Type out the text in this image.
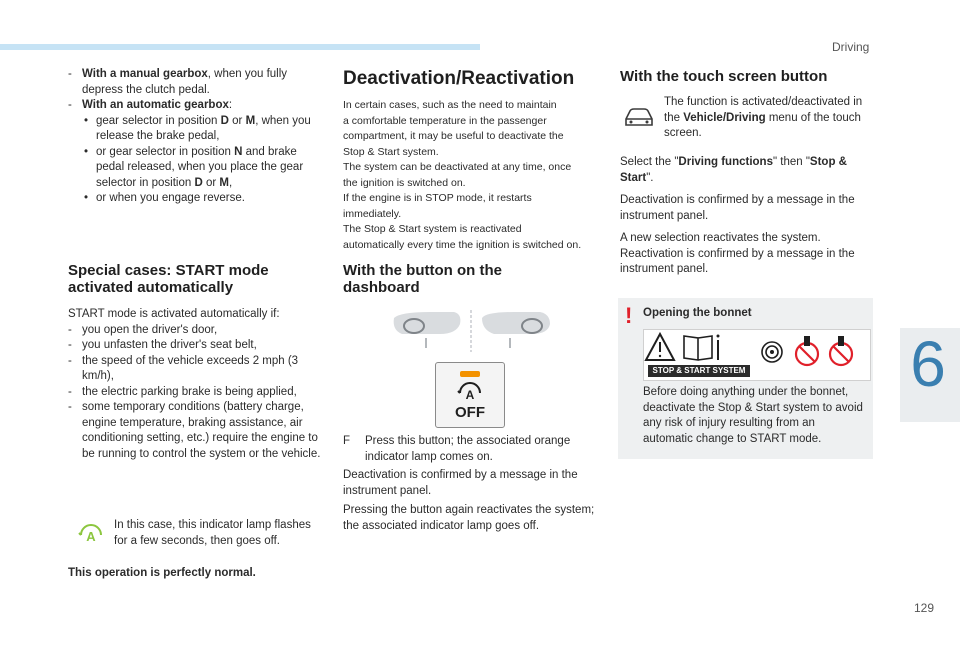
Driving
6
129
- With a manual gearbox, when you fully depress the clutch pedal.
- With an automatic gearbox:
• gear selector in position D or M, when you release the brake pedal,
• or gear selector in position N and brake pedal released, when you place the gear selector in position D or M,
• or when you engage reverse.
Special cases: START mode
activated automatically
START mode is activated automatically if:
- you open the driver's door,
- you unfasten the driver's seat belt,
- the speed of the vehicle exceeds 2 mph (3 km/h),
- the electric parking brake is being applied,
- some temporary conditions (battery charge, engine temperature, braking assistance, air conditioning setting, etc.) require the engine to be running to control the system or the vehicle.
A
In this case, this indicator lamp flashes for a few seconds, then goes off.
This operation is perfectly normal.
Deactivation/Reactivation
In certain cases, such as the need to maintain
a comfortable temperature in the passenger
compartment, it may be useful to deactivate the
Stop & Start system.
The system can be deactivated at any time, once
the ignition is switched on.
If the engine is in STOP mode, it restarts
immediately.
The Stop & Start system is reactivated
automatically every time the ignition is switched on.
With the button on the
dashboard
A
OFF
F Press this button; the associated orange indicator lamp comes on.
Deactivation is confirmed by a message in the instrument panel.
Pressing the button again reactivates the system; the associated indicator lamp goes off.
With the touch screen button
The function is activated/deactivated in the Vehicle/Driving menu of the touch screen.
Select the "Driving functions" then "Stop & Start".
Deactivation is confirmed by a message in the instrument panel.
A new selection reactivates the system. Reactivation is confirmed by a message in the instrument panel.
! Opening the bonnet
STOP & START SYSTEM
Before doing anything under the bonnet, deactivate the Stop & Start system to avoid any risk of injury resulting from an automatic change to START mode.
